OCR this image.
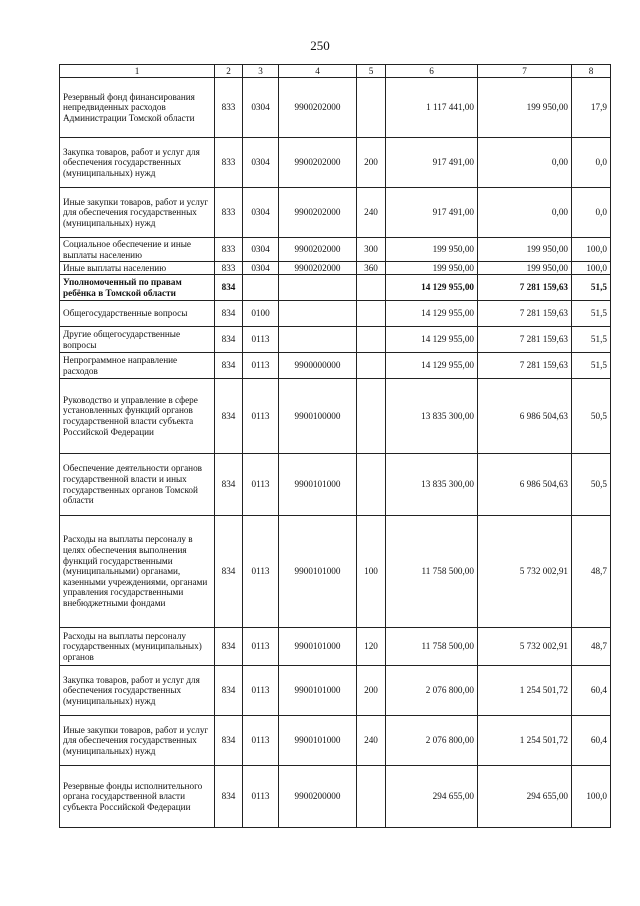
250
1	2	3	4	5	6	7	8
Резервный фонд финансирования непредвиденных расходов Администрации Томской области	833	0304	9900202000		1 117 441,00	199 950,00	17,9
Закупка товаров, работ и услуг для обеспечения государственных (муниципальных) нужд	833	0304	9900202000	200	917 491,00	0,00	0,0
Иные закупки товаров, работ и услуг для обеспечения государственных (муниципальных) нужд	833	0304	9900202000	240	917 491,00	0,00	0,0
Социальное обеспечение и иные выплаты населению	833	0304	9900202000	300	199 950,00	199 950,00	100,0
Иные выплаты населению	833	0304	9900202000	360	199 950,00	199 950,00	100,0
Уполномоченный по правам ребёнка в Томской области	834				14 129 955,00	7 281 159,63	51,5
Общегосударственные вопросы	834	0100			14 129 955,00	7 281 159,63	51,5
Другие общегосударственные вопросы	834	0113			14 129 955,00	7 281 159,63	51,5
Непрограммное направление расходов	834	0113	9900000000		14 129 955,00	7 281 159,63	51,5
Руководство и управление в сфере установленных функций органов государственной власти субъекта Российской Федерации	834	0113	9900100000		13 835 300,00	6 986 504,63	50,5
Обеспечение деятельности органов государственной власти и иных государственных органов Томской области	834	0113	9900101000		13 835 300,00	6 986 504,63	50,5
Расходы на выплаты персоналу в целях обеспечения выполнения функций государственными (муниципальными) органами, казенными учреждениями, органами управления государственными внебюджетными фондами	834	0113	9900101000	100	11 758 500,00	5 732 002,91	48,7
Расходы на выплаты персоналу государственных (муниципальных) органов	834	0113	9900101000	120	11 758 500,00	5 732 002,91	48,7
Закупка товаров, работ и услуг для обеспечения государственных (муниципальных) нужд	834	0113	9900101000	200	2 076 800,00	1 254 501,72	60,4
Иные закупки товаров, работ и услуг для обеспечения государственных (муниципальных) нужд	834	0113	9900101000	240	2 076 800,00	1 254 501,72	60,4
Резервные фонды исполнительного органа государственной власти субъекта Российской Федерации	834	0113	9900200000		294 655,00	294 655,00	100,0
